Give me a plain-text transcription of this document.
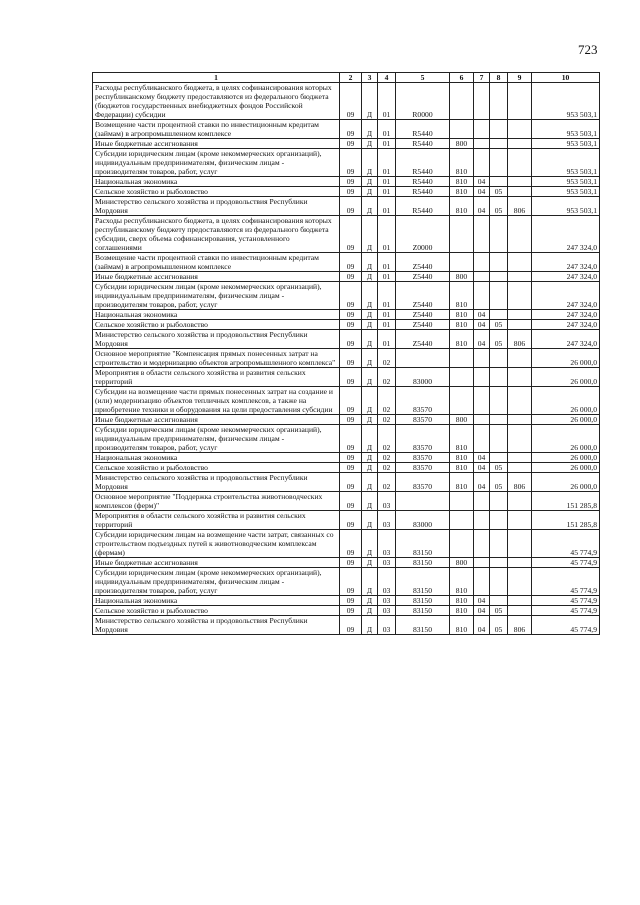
723
1	2	3	4	5	6	7	8	9	10
Расходы республиканского бюджета, в целях софинансирования которых республиканскому бюджету предоставляются из федерального бюджета (бюджетов государственных внебюджетных фондов Российской Федерации) субсидии	09	Д	01	R0000					953 503,1
Возмещение части процентной ставки по инвестиционным кредитам (займам) в агропромышленном комплексе	09	Д	01	R5440					953 503,1
Иные бюджетные ассигнования	09	Д	01	R5440	800				953 503,1
Субсидии юридическим лицам (кроме некоммерческих организаций), индивидуальным предпринимателям, физическим лицам - производителям товаров, работ, услуг	09	Д	01	R5440	810				953 503,1
Национальная экономика	09	Д	01	R5440	810	04			953 503,1
Сельское хозяйство и рыболовство	09	Д	01	R5440	810	04	05		953 503,1
Министерство сельского хозяйства и продовольствия Республики Мордовия	09	Д	01	R5440	810	04	05	806	953 503,1
Расходы республиканского бюджета, в целях софинансирования которых республиканскому бюджету предоставляются из федерального бюджета субсидии, сверх объема софинансирования, установленного соглашениями	09	Д	01	Z0000					247 324,0
Возмещение части процентной ставки по инвестиционным кредитам (займам) в агропромышленном комплексе	09	Д	01	Z5440					247 324,0
Иные бюджетные ассигнования	09	Д	01	Z5440	800				247 324,0
Субсидии юридическим лицам (кроме некоммерческих организаций), индивидуальным предпринимателям, физическим лицам - производителям товаров, работ, услуг	09	Д	01	Z5440	810				247 324,0
Национальная экономика	09	Д	01	Z5440	810	04			247 324,0
Сельское хозяйство и рыболовство	09	Д	01	Z5440	810	04	05		247 324,0
Министерство сельского хозяйства и продовольствия Республики Мордовия	09	Д	01	Z5440	810	04	05	806	247 324,0
Основное мероприятие "Компенсация прямых понесенных затрат на строительство и модернизацию объектов агропромышленного комплекса"	09	Д	02						26 000,0
Мероприятия в области сельского хозяйства и развития сельских территорий	09	Д	02	83000					26 000,0
Субсидии на возмещение части прямых понесенных затрат на создание и (или) модернизацию объектов тепличных комплексов, а также на приобретение техники и оборудования на цели предоставления субсидии	09	Д	02	83570					26 000,0
Иные бюджетные ассигнования	09	Д	02	83570	800				26 000,0
Субсидии юридическим лицам (кроме некоммерческих организаций), индивидуальным предпринимателям, физическим лицам - производителям товаров, работ, услуг	09	Д	02	83570	810				26 000,0
Национальная экономика	09	Д	02	83570	810	04			26 000,0
Сельское хозяйство и рыболовство	09	Д	02	83570	810	04	05		26 000,0
Министерство сельского хозяйства и продовольствия Республики Мордовия	09	Д	02	83570	810	04	05	806	26 000,0
Основное мероприятие "Поддержка строительства животноводческих комплексов (ферм)"	09	Д	03						151 285,8
Мероприятия в области сельского хозяйства и развития сельских территорий	09	Д	03	83000					151 285,8
Субсидии юридическим лицам на возмещение части затрат, связанных со строительством подъездных путей к животноводческим комплексам (фермам)	09	Д	03	83150					45 774,9
Иные бюджетные ассигнования	09	Д	03	83150	800				45 774,9
Субсидии юридическим лицам (кроме некоммерческих организаций), индивидуальным предпринимателям, физическим лицам - производителям товаров, работ, услуг	09	Д	03	83150	810				45 774,9
Национальная экономика	09	Д	03	83150	810	04			45 774,9
Сельское хозяйство и рыболовство	09	Д	03	83150	810	04	05		45 774,9
Министерство сельского хозяйства и продовольствия Республики Мордовия	09	Д	03	83150	810	04	05	806	45 774,9
